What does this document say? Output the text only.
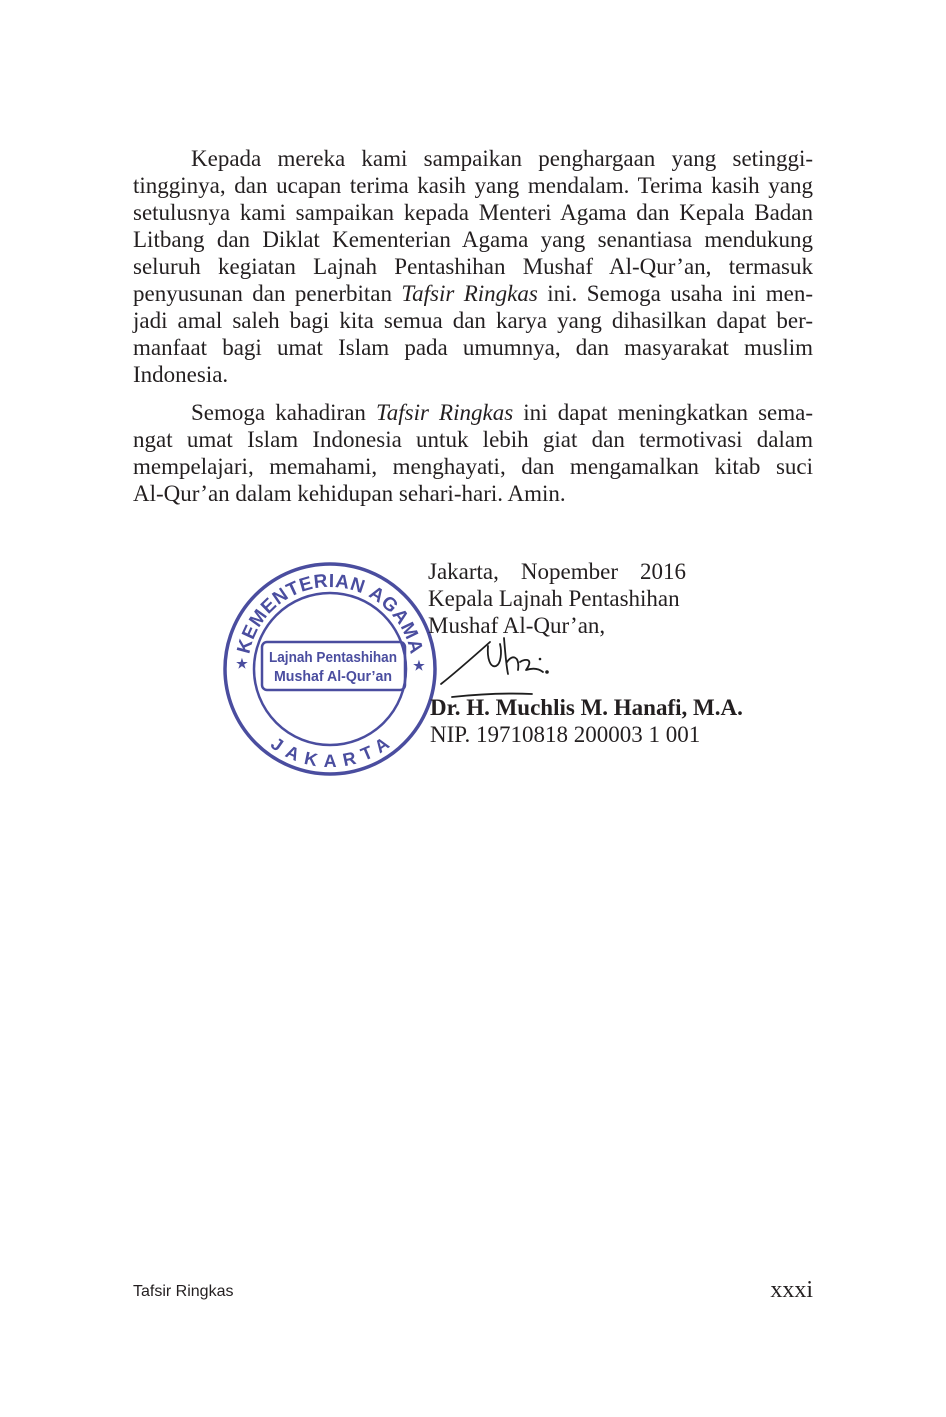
Kepada mereka kami sampaikan penghargaan yang setinggi-
tingginya, dan ucapan terima kasih yang mendalam. Terima kasih yang
setulusnya kami sampaikan kepada Menteri Agama dan Kepala Badan
Litbang dan Diklat Kementerian Agama yang senantiasa mendukung
seluruh kegiatan Lajnah Pentashihan Mushaf Al-Qur’an, termasuk
penyusunan dan penerbitan Tafsir Ringkas ini. Semoga usaha ini men-
jadi amal saleh bagi kita semua dan karya yang dihasilkan dapat ber-
manfaat bagi umat Islam pada umumnya, dan masyarakat muslim
Indonesia.
Semoga kahadiran Tafsir Ringkas ini dapat meningkatkan sema-
ngat umat Islam Indonesia untuk lebih giat dan termotivasi dalam
mempelajari, memahami, menghayati, dan mengamalkan kitab suci
Al-Qur’an dalam kehidupan sehari-hari. Amin.
KEMENTERIAN AGAMA
JAKARTA
★	★
Lajnah Pentashihan
Mushaf Al-Qur’an
Jakarta, Nopember 2016
Kepala Lajnah Pentashihan
Mushaf Al-Qur’an,
Dr. H. Muchlis M. Hanafi, M.A.
NIP. 19710818 200003 1 001
Tafsir Ringkas	xxxi
